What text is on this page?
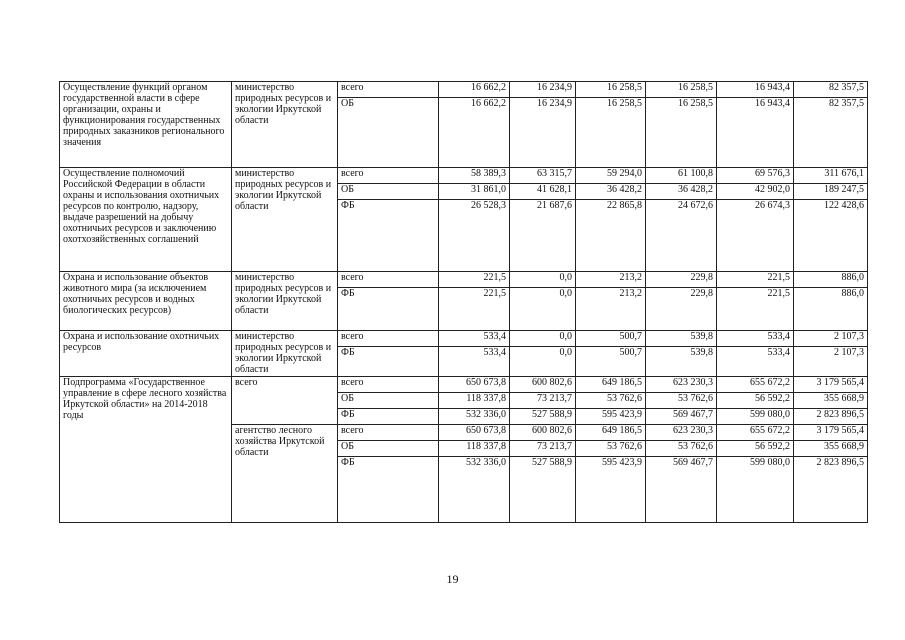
Осуществление функций органом государственной власти в сфере организации, охраны и функционирования государственных природных заказников регионального значения	министерство природных ресурсов и экологии Иркутской области	всего	16 662,2	16 234,9	16 258,5	16 258,5	16 943,4	82 357,5
		ОБ	16 662,2	16 234,9	16 258,5	16 258,5	16 943,4	82 357,5
Осуществление полномочий Российской Федерации в области охраны и использования охотничьих ресурсов по контролю, надзору, выдаче разрешений на добычу охотничьих ресурсов и заключению охотхозяйственных соглашений	министерство природных ресурсов и экологии Иркутской области	всего	58 389,3	63 315,7	59 294,0	61 100,8	69 576,3	311 676,1
		ОБ	31 861,0	41 628,1	36 428,2	36 428,2	42 902,0	189 247,5
		ФБ	26 528,3	21 687,6	22 865,8	24 672,6	26 674,3	122 428,6
Охрана и использование объектов животного мира (за исключением охотничьих ресурсов и водных биологических ресурсов)	министерство природных ресурсов и экологии Иркутской области	всего	221,5	0,0	213,2	229,8	221,5	886,0
		ФБ	221,5	0,0	213,2	229,8	221,5	886,0
Охрана и использование охотничьих ресурсов	министерство природных ресурсов и экологии Иркутской области	всего	533,4	0,0	500,7	539,8	533,4	2 107,3
		ФБ	533,4	0,0	500,7	539,8	533,4	2 107,3
Подпрограмма «Государственное управление в сфере лесного хозяйства Иркутской области» на 2014-2018 годы	всего	всего	650 673,8	600 802,6	649 186,5	623 230,3	655 672,2	3 179 565,4
		ОБ	118 337,8	73 213,7	53 762,6	53 762,6	56 592,2	355 668,9
		ФБ	532 336,0	527 588,9	595 423,9	569 467,7	599 080,0	2 823 896,5
	агентство лесного хозяйства Иркутской области	всего	650 673,8	600 802,6	649 186,5	623 230,3	655 672,2	3 179 565,4
		ОБ	118 337,8	73 213,7	53 762,6	53 762,6	56 592,2	355 668,9
		ФБ	532 336,0	527 588,9	595 423,9	569 467,7	599 080,0	2 823 896,5
19
